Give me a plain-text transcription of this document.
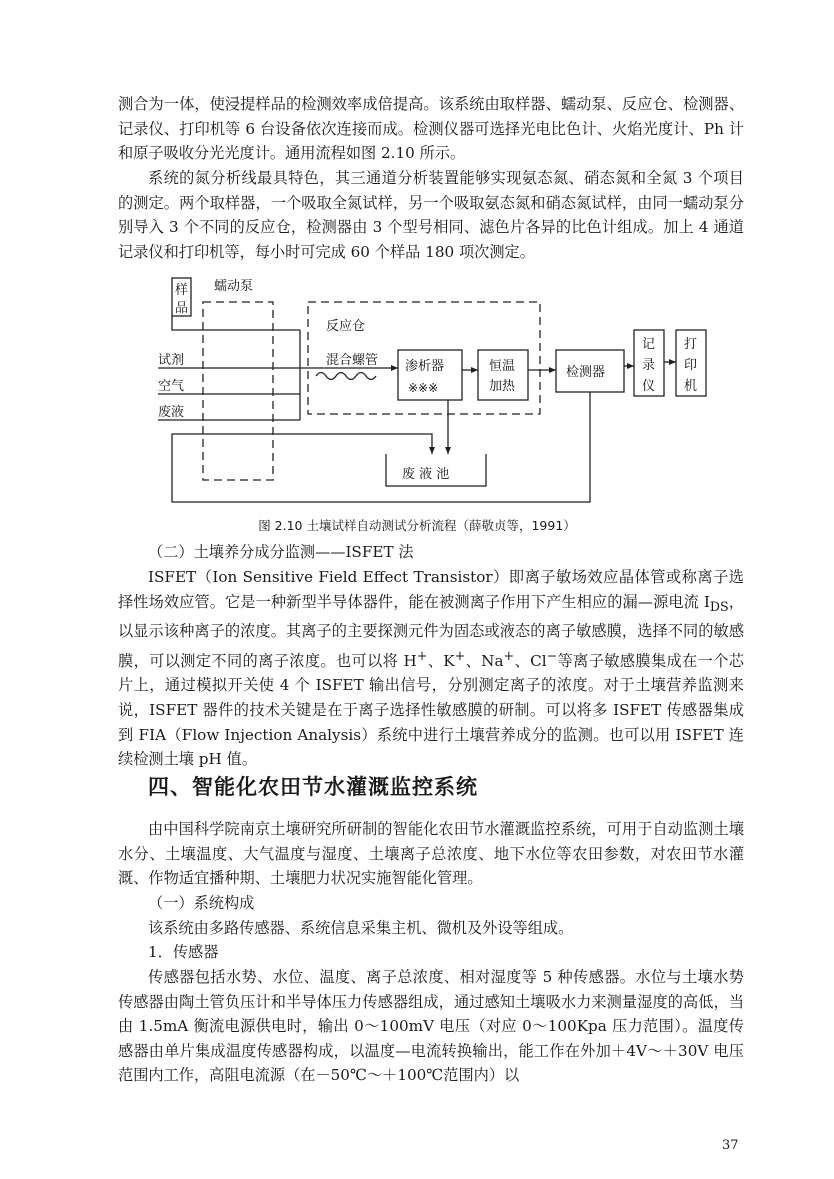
测合为一体，使浸提样品的检测效率成倍提高。该系统由取样器、蠕动泵、反应仓、检测器、记录仪、打印机等 6 台设备依次连接而成。检测仪器可选择光电比色计、火焰光度计、Ph 计和原子吸收分光光度计。通用流程如图 2.10 所示。
系统的氮分析线最具特色，其三通道分析装置能够实现氨态氮、硝态氮和全氮 3 个项目的测定。两个取样器，一个吸取全氮试样，另一个吸取氨态氮和硝态氮试样，由同一蠕动泵分别导入 3 个不同的反应仓，检测器由 3 个型号相同、滤色片各异的比色计组成。加上 4 通道记录仪和打印机等，每小时可完成 60 个样品 180 项次测定。
样
品
蠕动泵
试剂
空气
废液
反应仓
混合螺管 渗析器
※※※
恒温
加热
检测器
记
录
仪
打
印
机
废 液 池
图 2.10 土壤试样自动测试分析流程（薛敬贞等，1991）
（二）土壤养分成分监测——ISFET 法
ISFET（Ion Sensitive Field Effect Transistor）即离子敏场效应晶体管或称离子选择性场效应管。它是一种新型半导体器件，能在被测离子作用下产生相应的漏—源电流 $I_{DS}$，以显示该种离子的浓度。其离子的主要探测元件为固态或液态的离子敏感膜，选择不同的敏感膜，可以测定不同的离子浓度。也可以将 H+、K+、Na+、Cl−等离子敏感膜集成在一个芯片上，通过模拟开关使 4 个 ISFET 输出信号，分别测定离子的浓度。对于土壤营养监测来说，ISFET 器件的技术关键是在于离子选择性敏感膜的研制。可以将多 ISFET 传感器集成到 FIA（Flow Injection Analysis）系统中进行土壤营养成分的监测。也可以用 ISFET 连续检测土壤 pH 值。
四、智能化农田节水灌溉监控系统
由中国科学院南京土壤研究所研制的智能化农田节水灌溉监控系统，可用于自动监测土壤水分、土壤温度、大气温度与湿度、土壤离子总浓度、地下水位等农田参数，对农田节水灌溉、作物适宜播种期、土壤肥力状况实施智能化管理。
（一）系统构成
该系统由多路传感器、系统信息采集主机、微机及外设等组成。
1．传感器
传感器包括水势、水位、温度、离子总浓度、相对湿度等 5 种传感器。水位与土壤水势传感器由陶土管负压计和半导体压力传感器组成，通过感知土壤吸水力来测量湿度的高低，当由 1.5mA 衡流电源供电时，输出 0～100mV 电压（对应 0～100Kpa 压力范围）。温度传感器由单片集成温度传感器构成，以温度—电流转换输出，能工作在外加＋4V～＋30V 电压范围内工作，高阻电流源（在－50℃～＋100℃范围内）以
37
